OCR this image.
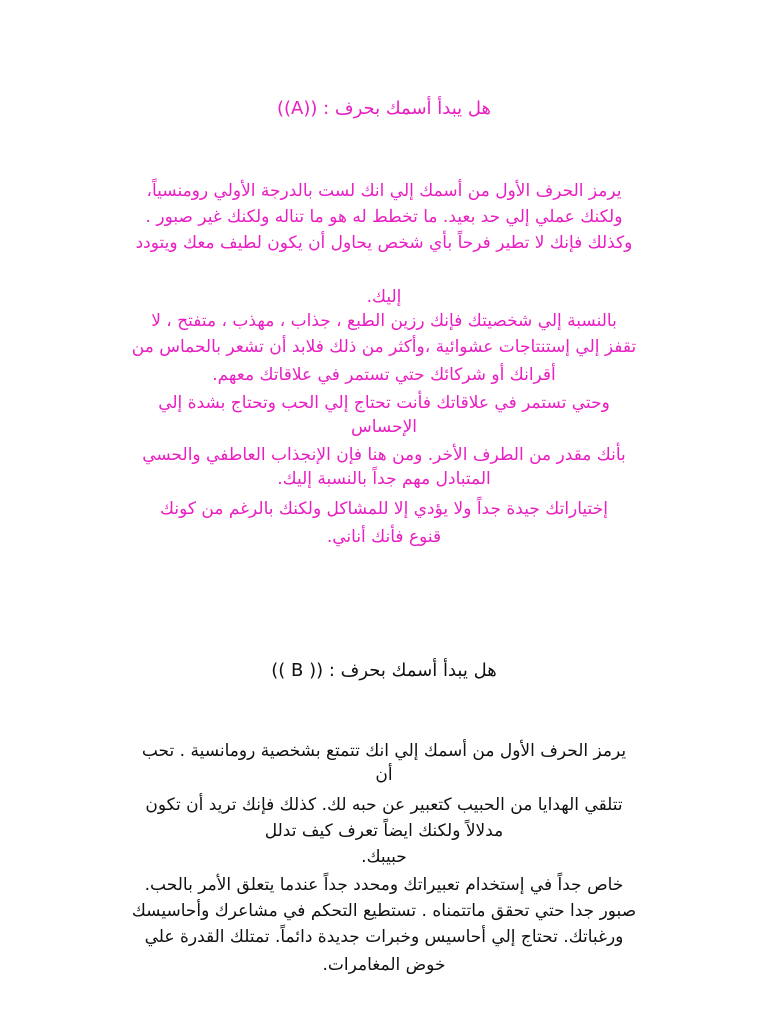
هل يبدأ أسمك بحرف : ((A))
يرمز الحرف الأول من أسمك إلي انك لست بالدرجة الأولي رومنسياً،
ولكنك عملي إلي حد بعيد. ما تخطط له هو ما تناله ولكنك غير صبور .
وكذلك فإنك لا تطير فرحاً بأي شخص يحاول أن يكون لطيف معك ويتودد
إليك.
بالنسبة إلي شخصيتك فإنك رزين الطبع ، جذاب ، مهذب ، متفتح ، لا
تقفز إلي إستنتاجات عشوائية ،وأكثر من ذلك فلابد أن تشعر بالحماس من
أقرانك أو شركائك حتي تستمر في علاقاتك معهم.
وحتي تستمر في علاقاتك فأنت تحتاج إلي الحب وتحتاج بشدة إلي
الإحساس
بأنك مقدر من الطرف الأخر. ومن هنا فإن الإنجذاب العاطفي والحسي
المتبادل مهم جداً بالنسبة إليك.
إختياراتك جيدة جداً ولا يؤدي إلا للمشاكل ولكنك بالرغم من كونك
قنوع فأنك أناني.
هل يبدأ أسمك بحرف : (( B ))
يرمز الحرف الأول من أسمك إلي انك تتمتع بشخصية رومانسية . تحب
أن
تتلقي الهدايا من الحبيب كتعبير عن حبه لك. كذلك فإنك تريد أن تكون
مدلالاً ولكنك ايضاً تعرف كيف تدلل
حبيبك.
خاص جداً في إستخدام تعبيراتك ومحدد جداً عندما يتعلق الأمر بالحب.
صبور جدا حتي تحقق ماتتمناه . تستطيع التحكم في مشاعرك وأحاسيسك
ورغباتك. تحتاج إلي أحاسيس وخبرات جديدة دائماً. تمتلك القدرة علي
خوض المغامرات.
